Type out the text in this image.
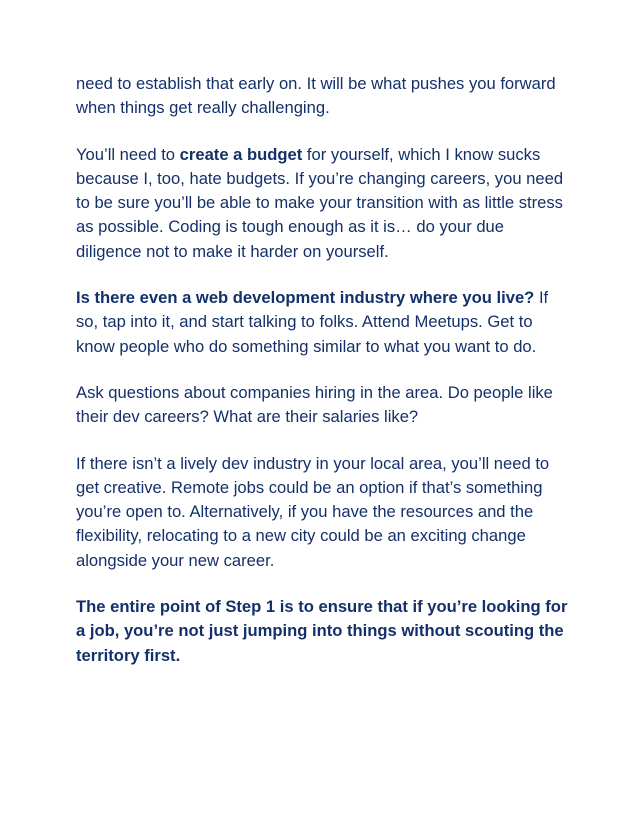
need to establish that early on. It will be what pushes you forward when things get really challenging.

You’ll need to create a budget for yourself, which I know sucks because I, too, hate budgets. If you’re changing careers, you need to be sure you’ll be able to make your transition with as little stress as possible. Coding is tough enough as it is… do your due diligence not to make it harder on yourself.

Is there even a web development industry where you live? If so, tap into it, and start talking to folks. Attend Meetups. Get to know people who do something similar to what you want to do.

Ask questions about companies hiring in the area. Do people like their dev careers? What are their salaries like?

If there isn’t a lively dev industry in your local area, you’ll need to get creative. Remote jobs could be an option if that’s something you’re open to. Alternatively, if you have the resources and the flexibility, relocating to a new city could be an exciting change alongside your new career.

The entire point of Step 1 is to ensure that if you’re looking for a job, you’re not just jumping into things without scouting the territory first.
